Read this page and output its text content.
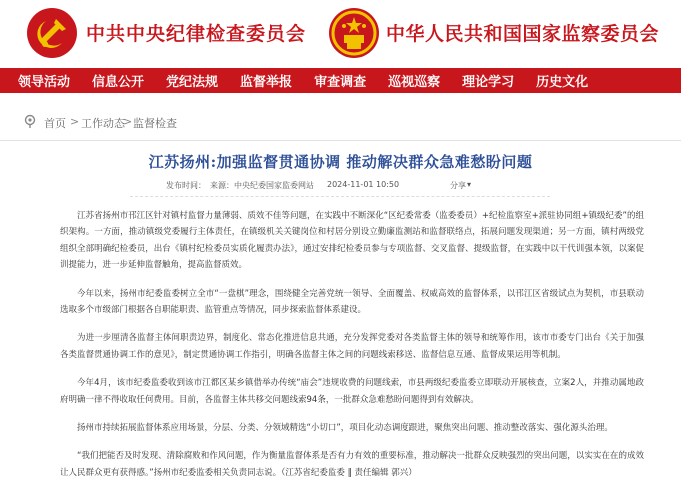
中共中央纪律检查委员会	中华人民共和国国家监察委员会
领导活动	信息公开	党纪法规	监督举报	审查调查	巡视巡察	理论学习	历史文化
首页 > 工作动态
> 监督检查
江苏扬州:加强监督贯通协调 推动解决群众急难愁盼问题
发布时间： 来源：中央纪委国家监委网站 2024-11-01 10:50	分享 ▾

江苏省扬州市邗江区针对镇村监督力量薄弱、质效不佳等问题，在实践中不断深化“区纪委常委（监委委员）+纪检监察室+派驻协同组+镇级纪委”的组织架构。一方面，推动镇级党委履行主体责任，在镇级机关关键岗位和村居分别设立勤廉监测站和监督联络点，拓展问题发现渠道；另一方面，镇村两级党组织全部明确纪检委员，出台《镇村纪检委员实质化履责办法》，通过安排纪检委员参与专项监督、交叉监督、提级监督，在实践中以干代训强本领，以案促训提能力，进一步延伸监督触角，提高监督质效。

今年以来，扬州市纪委监委树立全市“一盘棋”理念，围绕健全完善党统一领导、全面覆盖、权威高效的监督体系，以邗江区省级试点为契机，市县联动选取多个市级部门根据各自职能职责、监管重点等情况，同步探索监督体系建设。

为进一步厘清各监督主体间职责边界，制度化、常态化推进信息共通，充分发挥党委对各类监督主体的领导和统筹作用，该市市委专门出台《关于加强各类监督贯通协调工作的意见》，制定贯通协调工作指引，明确各监督主体之间的问题线索移送、监督信息互通、监督成果运用等机制。

今年4月，该市纪委监委收到该市江都区某乡镇借举办传统“庙会”违规收费的问题线索，市县两级纪委监委立即联动开展核查，立案2人，并推动属地政府明确一律不得收取任何费用。目前，各监督主体共移交问题线索94条，一批群众急难愁盼问题得到有效解决。

扬州市持续拓展监督体系应用场景，分层、分类、分领域精选“小切口”，项目化动态调度跟进，聚焦突出问题、推动整改落实、强化源头治理。

“我们把能否及时发现、清除腐败和作风问题，作为衡量监督体系是否有力有效的重要标准，推动解决一批群众反映强烈的突出问题，以实实在在的成效让人民群众更有获得感。”扬州市纪委监委相关负责同志说。（江苏省纪委监委 ‖ 责任编辑 郭兴）
